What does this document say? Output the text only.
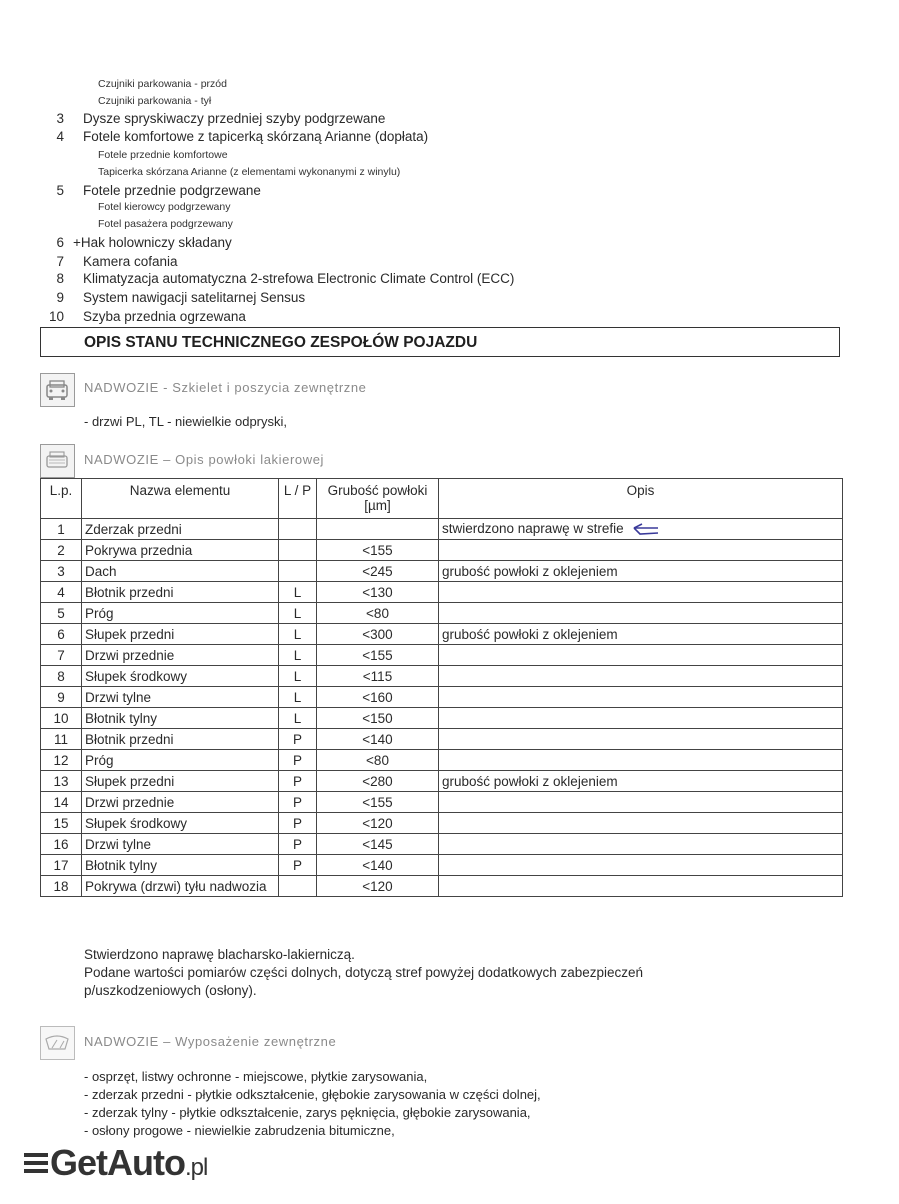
Czujniki parkowania - przód
Czujniki parkowania - tył
3 Dysze spryskiwaczy przedniej szyby podgrzewane
4 Fotele komfortowe z tapicerką skórzaną Arianne (dopłata)
Fotele przednie komfortowe
Tapicerka skórzana Arianne (z elementami wykonanymi z winylu)
5 Fotele przednie podgrzewane
Fotel kierowcy podgrzewany
Fotel pasażera podgrzewany
6 +Hak holowniczy składany
7 Kamera cofania
8 Klimatyzacja automatyczna 2-strefowa Electronic Climate Control (ECC)
9 System nawigacji satelitarnej Sensus
10 Szyba przednia ogrzewana
OPIS STANU TECHNICZNEGO ZESPOŁÓW POJAZDU
NADWOZIE - Szkielet i poszycia zewnętrzne
- drzwi PL, TL - niewielkie odpryski,
NADWOZIE – Opis powłoki lakierowej
L.p.	Nazwa elementu	L / P	Grubość powłoki
[µm]	Opis
1	Zderzak przedni			stwierdzono naprawę w strefie
2	Pokrywa przednia		<155	
3	Dach		<245	grubość powłoki z oklejeniem
4	Błotnik przedni	L	<130	
5	Próg	L	<80	
6	Słupek przedni	L	<300	grubość powłoki z oklejeniem
7	Drzwi przednie	L	<155	
8	Słupek środkowy	L	<115	
9	Drzwi tylne	L	<160	
10	Błotnik tylny	L	<150	
11	Błotnik przedni	P	<140	
12	Próg	P	<80	
13	Słupek przedni	P	<280	grubość powłoki z oklejeniem
14	Drzwi przednie	P	<155	
15	Słupek środkowy	P	<120	
16	Drzwi tylne	P	<145	
17	Błotnik tylny	P	<140	
18	Pokrywa (drzwi) tyłu nadwozia		<120	
Stwierdzono naprawę blacharsko-lakierniczą.
Podane wartości pomiarów części dolnych, dotyczą stref powyżej dodatkowych zabezpieczeń
p/uszkodzeniowych (osłony).
NADWOZIE – Wyposażenie zewnętrzne
- osprzęt, listwy ochronne - miejscowe, płytkie zarysowania,
- zderzak przedni - płytkie odkształcenie, głębokie zarysowania w części dolnej,
- zderzak tylny - płytkie odkształcenie, zarys pęknięcia, głębokie zarysowania,
- osłony progowe - niewielkie zabrudzenia bitumiczne,
GetAuto.pl
